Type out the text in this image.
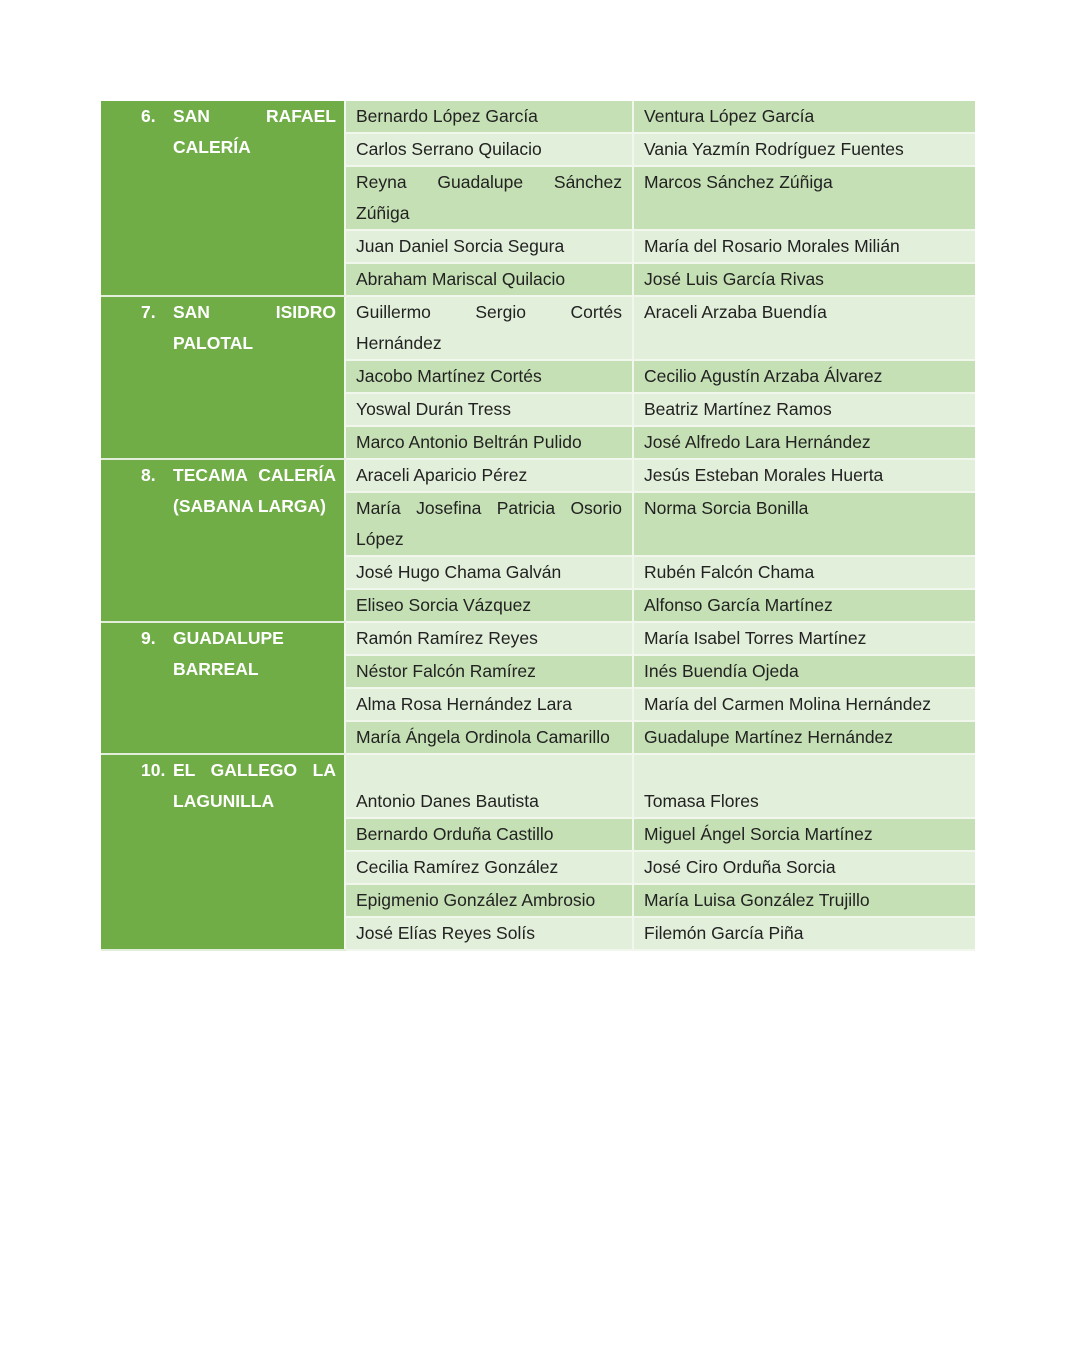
6. SAN RAFAEL CALERÍA	Bernardo López García	Ventura López García

	Carlos Serrano Quilacio	Vania Yazmín Rodríguez Fuentes

	Reyna Guadalupe Sánchez Zúñiga	Marcos Sánchez Zúñiga

	Juan Daniel Sorcia Segura	María del Rosario Morales Milián

	Abraham Mariscal Quilacio	José Luis García Rivas

7. SAN ISIDRO PALOTAL	Guillermo Sergio Cortés Hernández	Araceli Arzaba Buendía

	Jacobo Martínez Cortés	Cecilio Agustín Arzaba Álvarez

	Yoswal Durán Tress	Beatriz Martínez Ramos

	Marco Antonio Beltrán Pulido	José Alfredo Lara Hernández

8. TECAMA CALERÍA (SABANA LARGA)	Araceli Aparicio Pérez	Jesús Esteban Morales Huerta

	María Josefina Patricia Osorio López	Norma Sorcia Bonilla

	José Hugo Chama Galván	Rubén Falcón Chama

	Eliseo Sorcia Vázquez	Alfonso García Martínez

9. GUADALUPE BARREAL	Ramón Ramírez Reyes	María Isabel Torres Martínez

	Néstor Falcón Ramírez	Inés Buendía Ojeda

	Alma Rosa Hernández Lara	María del Carmen Molina Hernández

	María Ángela Ordinola Camarillo	Guadalupe Martínez Hernández

10. EL GALLEGO LA LAGUNILLA	Antonio Danes Bautista	Tomasa Flores

	Bernardo Orduña Castillo	Miguel Ángel Sorcia Martínez

	Cecilia Ramírez González	José Ciro Orduña Sorcia

	Epigmenio González Ambrosio	María Luisa González Trujillo

	José Elías Reyes Solís	Filemón García Piña
